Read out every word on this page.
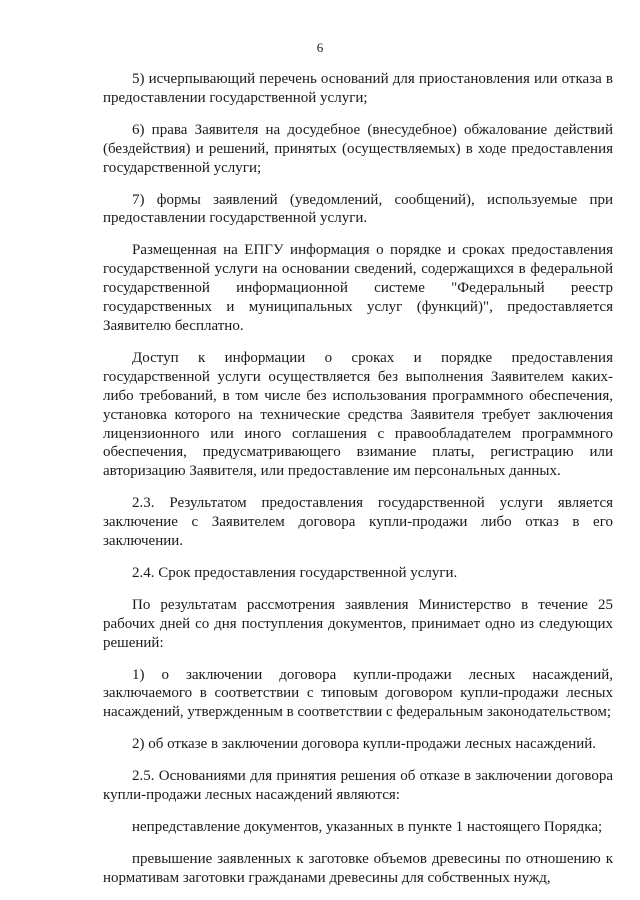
6

5) исчерпывающий перечень оснований для приостановления или отказа в предоставлении государственной услуги;

6) права Заявителя на досудебное (внесудебное) обжалование действий (бездействия) и решений, принятых (осуществляемых) в ходе предоставления государственной услуги;

7) формы заявлений (уведомлений, сообщений), используемые при предоставлении государственной услуги.

Размещенная на ЕПГУ информация о порядке и сроках предоставления государственной услуги на основании сведений, содержащихся в федеральной государственной информационной системе "Федеральный реестр государственных и муниципальных услуг (функций)", предоставляется Заявителю бесплатно.

Доступ к информации о сроках и порядке предоставления государственной услуги осуществляется без выполнения Заявителем каких-либо требований, в том числе без использования программного обеспечения, установка которого на технические средства Заявителя требует заключения лицензионного или иного соглашения с правообладателем программного обеспечения, предусматривающего взимание платы, регистрацию или авторизацию Заявителя, или предоставление им персональных данных.

2.3. Результатом предоставления государственной услуги является заключение с Заявителем договора купли-продажи либо отказ в его заключении.

2.4. Срок предоставления государственной услуги.

По результатам рассмотрения заявления Министерство в течение 25 рабочих дней со дня поступления документов, принимает одно из следующих решений:

1) о заключении договора купли-продажи лесных насаждений, заключаемого в соответствии с типовым договором купли-продажи лесных насаждений, утвержденным в соответствии с федеральным законодательством;

2) об отказе в заключении договора купли-продажи лесных насаждений.

2.5. Основаниями для принятия решения об отказе в заключении договора купли-продажи лесных насаждений являются:

непредставление документов, указанных в пункте 1 настоящего Порядка;

превышение заявленных к заготовке объемов древесины по отношению к нормативам заготовки гражданами древесины для собственных нужд,
